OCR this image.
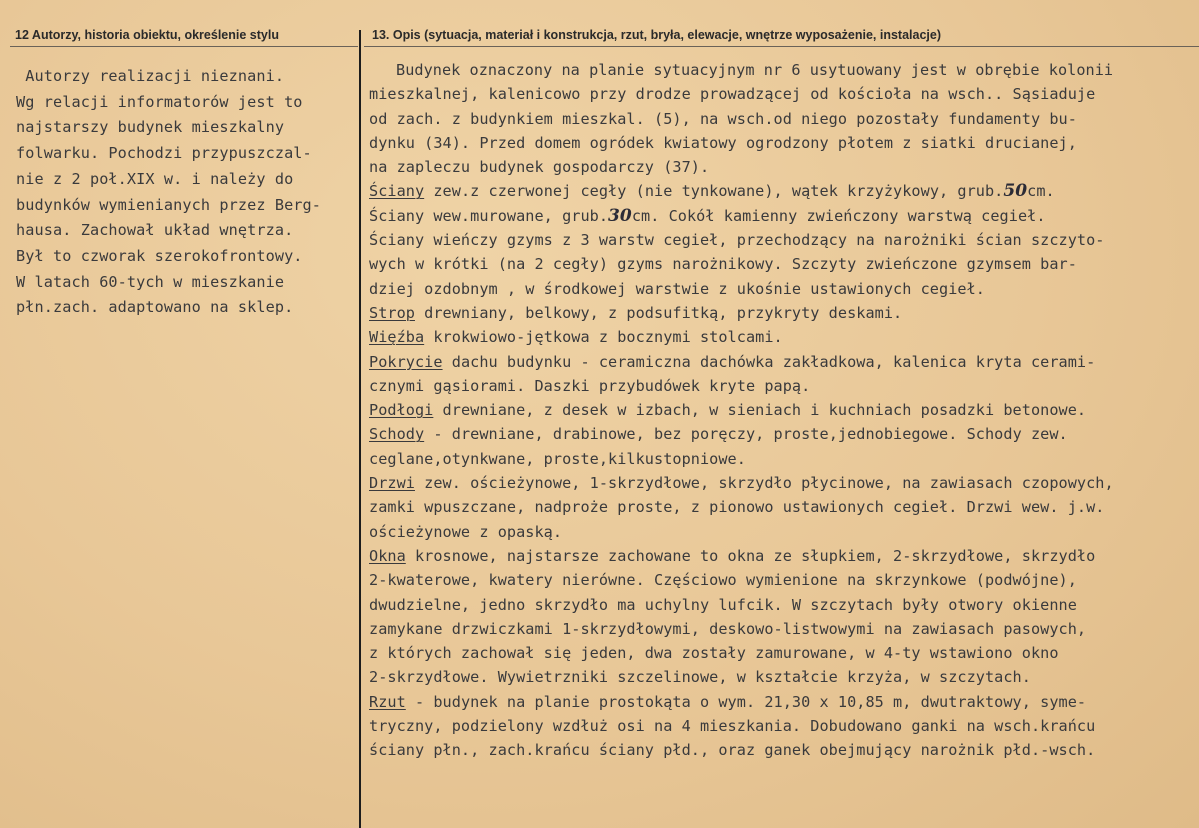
12 Autorzy, historia obiektu, określenie stylu	13. Opis (sytuacja, materiał i konstrukcja, rzut, bryła, elewacje, wnętrze wyposażenie, instalacje)
Autorzy realizacji nieznani.
Wg relacji informatorów jest to
najstarszy budynek mieszkalny
folwarku. Pochodzi przypuszczal-
nie z 2 poł.XIX w. i należy do
budynków wymienianych przez Berg-
hausa. Zachował układ wnętrza.
Był to czworak szerokofrontowy.
W latach 60-tych w mieszkanie
płn.zach. adaptowano na sklep.
Budynek oznaczony na planie sytuacyjnym nr 6 usytuowany jest w obrębie kolonii
mieszkalnej, kalenicowo przy drodze prowadzącej od kościoła na wsch.. Sąsiaduje
od zach. z budynkiem mieszkal. (5), na wsch.od niego pozostały fundamenty bu-
dynku (34). Przed domem ogródek kwiatowy ogrodzony płotem z siatki drucianej,
na zapleczu budynek gospodarczy (37).
Ściany zew.z czerwonej cegły (nie tynkowane), wątek krzyżykowy, grub.50cm.
Ściany wew.murowane, grub.30cm. Cokół kamienny zwieńczony warstwą cegieł.
Ściany wieńczy gzyms z 3 warstw cegieł, przechodzący na narożniki ścian szczyto-
wych w krótki (na 2 cegły) gzyms narożnikowy. Szczyty zwieńczone gzymsem bar-
dziej ozdobnym , w środkowej warstwie z ukośnie ustawionych cegieł.
Strop drewniany, belkowy, z podsufitką, przykryty deskami.
Więźba krokwiowo-jętkowa z bocznymi stolcami.
Pokrycie dachu budynku - ceramiczna dachówka zakładkowa, kalenica kryta cerami-
cznymi gąsiorami. Daszki przybudówek kryte papą.
Podłogi drewniane, z desek w izbach, w sieniach i kuchniach posadzki betonowe.
Schody - drewniane, drabinowe, bez poręczy, proste,jednobiegowe. Schody zew.
ceglane,otynkwane, proste,kilkustopniowe.
Drzwi zew. ościeżynowe, 1-skrzydłowe, skrzydło płycinowe, na zawiasach czopowych,
zamki wpuszczane, nadproże proste, z pionowo ustawionych cegieł. Drzwi wew. j.w.
ościeżynowe z opaską.
Okna krosnowe, najstarsze zachowane to okna ze słupkiem, 2-skrzydłowe, skrzydło
2-kwaterowe, kwatery nierówne. Częściowo wymienione na skrzynkowe (podwójne),
dwudzielne, jedno skrzydło ma uchylny lufcik. W szczytach były otwory okienne
zamykane drzwiczkami 1-skrzydłowymi, deskowo-listwowymi na zawiasach pasowych,
z których zachował się jeden, dwa zostały zamurowane, w 4-ty wstawiono okno
2-skrzydłowe. Wywietrzniki szczelinowe, w kształcie krzyża, w szczytach.
Rzut - budynek na planie prostokąta o wym. 21,30 x 10,85 m, dwutraktowy, syme-
tryczny, podzielony wzdłuż osi na 4 mieszkania. Dobudowano ganki na wsch.krańcu
ściany płn., zach.krańcu ściany płd., oraz ganek obejmujący narożnik płd.-wsch.
